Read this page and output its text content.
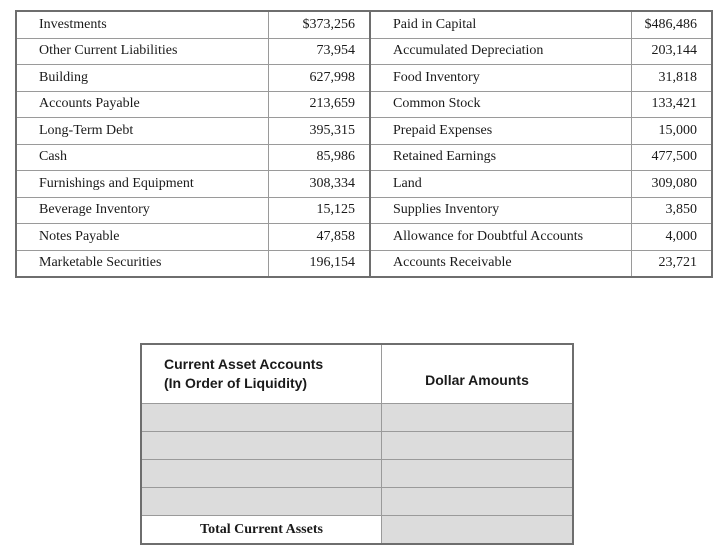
Investments	$373,256	Paid in Capital	$486,486
Other Current Liabilities	73,954	Accumulated Depreciation	203,144
Building	627,998	Food Inventory	31,818
Accounts Payable	213,659	Common Stock	133,421
Long-Term Debt	395,315	Prepaid Expenses	15,000
Cash	85,986	Retained Earnings	477,500
Furnishings and Equipment	308,334	Land	309,080
Beverage Inventory	15,125	Supplies Inventory	3,850
Notes Payable	47,858	Allowance for Doubtful Accounts	4,000
Marketable Securities	196,154	Accounts Receivable	23,721
Current Asset Accounts
(In Order of Liquidity)	Dollar Amounts

Total Current Assets	
